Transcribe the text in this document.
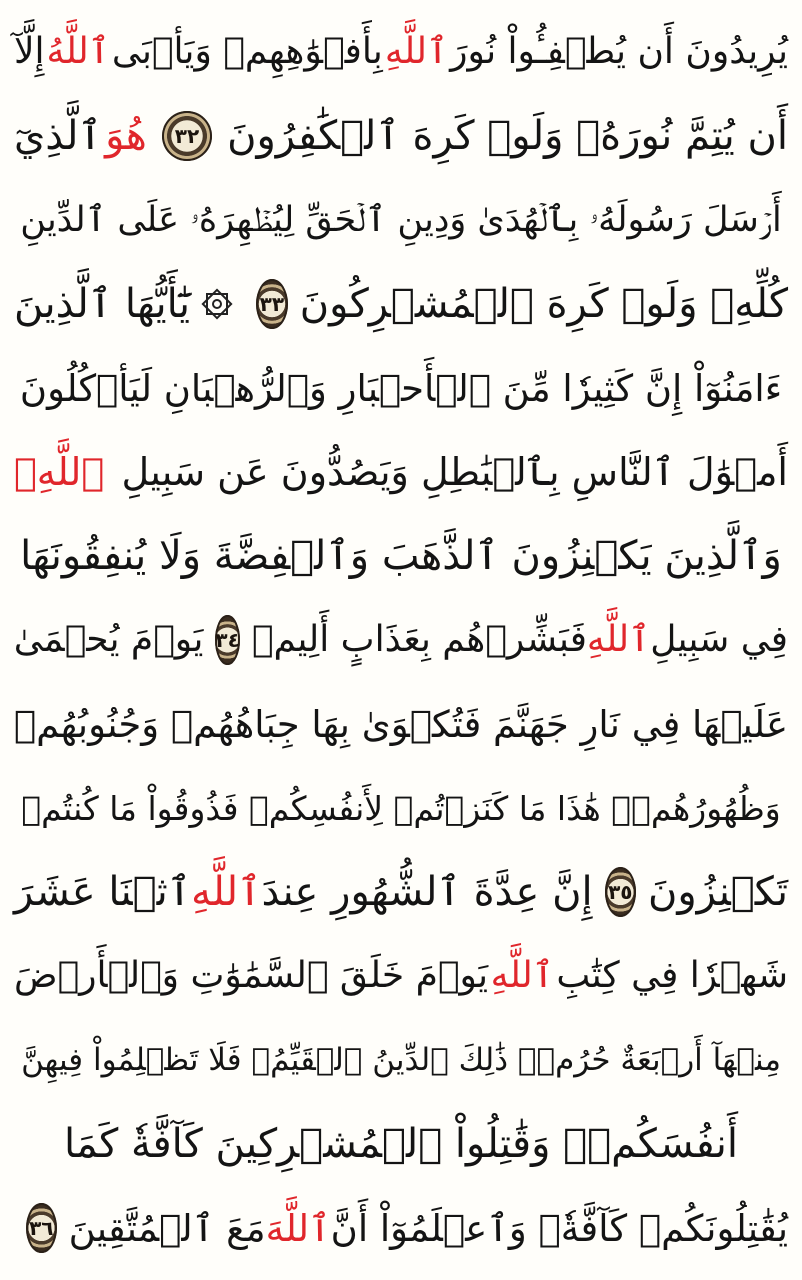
يُرِيدُونَ أَن يُطۡفِـُٔواْ نُورَ
ٱللَّهِ
بِأَفۡوَٰهِهِمۡ وَيَأۡبَى
ٱللَّهُ
إِلَّآ
أَن يُتِمَّ نُورَهُۥ وَلَوۡ كَرِهَ ٱلۡكَٰفِرُونَ
٣٢
هُوَ
ٱلَّذِيٓ
أَرۡسَلَ رَسُولَهُۥ بِٱلۡهُدَىٰ وَدِينِ ٱلۡحَقِّ لِيُظۡهِرَهُۥ عَلَى ٱلدِّينِ
كُلِّهِۦ وَلَوۡ كَرِهَ ٱلۡمُشۡرِكُونَ
٣٣
يَٰٓأَيُّهَا ٱلَّذِينَ
ءَامَنُوٓاْ إِنَّ كَثِيرٗا مِّنَ ٱلۡأَحۡبَارِ وَٱلرُّهۡبَانِ لَيَأۡكُلُونَ
أَمۡوَٰلَ ٱلنَّاسِ بِٱلۡبَٰطِلِ وَيَصُدُّونَ عَن سَبِيلِ
ٱللَّهِۗ
وَٱلَّذِينَ يَكۡنِزُونَ ٱلذَّهَبَ وَٱلۡفِضَّةَ وَلَا يُنفِقُونَهَا
فِي سَبِيلِ
ٱللَّهِ
فَبَشِّرۡهُم بِعَذَابٍ أَلِيمٖ
٣٤
يَوۡمَ يُحۡمَىٰ
عَلَيۡهَا فِي نَارِ جَهَنَّمَ فَتُكۡوَىٰ بِهَا جِبَاهُهُمۡ وَجُنُوبُهُمۡ
وَظُهُورُهُمۡۖ هَٰذَا مَا كَنَزۡتُمۡ لِأَنفُسِكُمۡ فَذُوقُواْ مَا كُنتُمۡ
تَكۡنِزُونَ
٣٥
إِنَّ عِدَّةَ ٱلشُّهُورِ عِندَ
ٱللَّهِ
ٱثۡنَا عَشَرَ
شَهۡرٗا فِي كِتَٰبِ
ٱللَّهِ
يَوۡمَ خَلَقَ ٱلسَّمَٰوَٰتِ وَٱلۡأَرۡضَ
مِنۡهَآ أَرۡبَعَةٌ حُرُمٞۚ ذَٰلِكَ ٱلدِّينُ ٱلۡقَيِّمُۚ فَلَا تَظۡلِمُواْ فِيهِنَّ
أَنفُسَكُمۡۚ وَقَٰتِلُواْ ٱلۡمُشۡرِكِينَ كَآفَّةٗ كَمَا
يُقَٰتِلُونَكُمۡ كَآفَّةٗۚ وَٱعۡلَمُوٓاْ أَنَّ
ٱللَّهَ
مَعَ ٱلۡمُتَّقِينَ
٣٦
